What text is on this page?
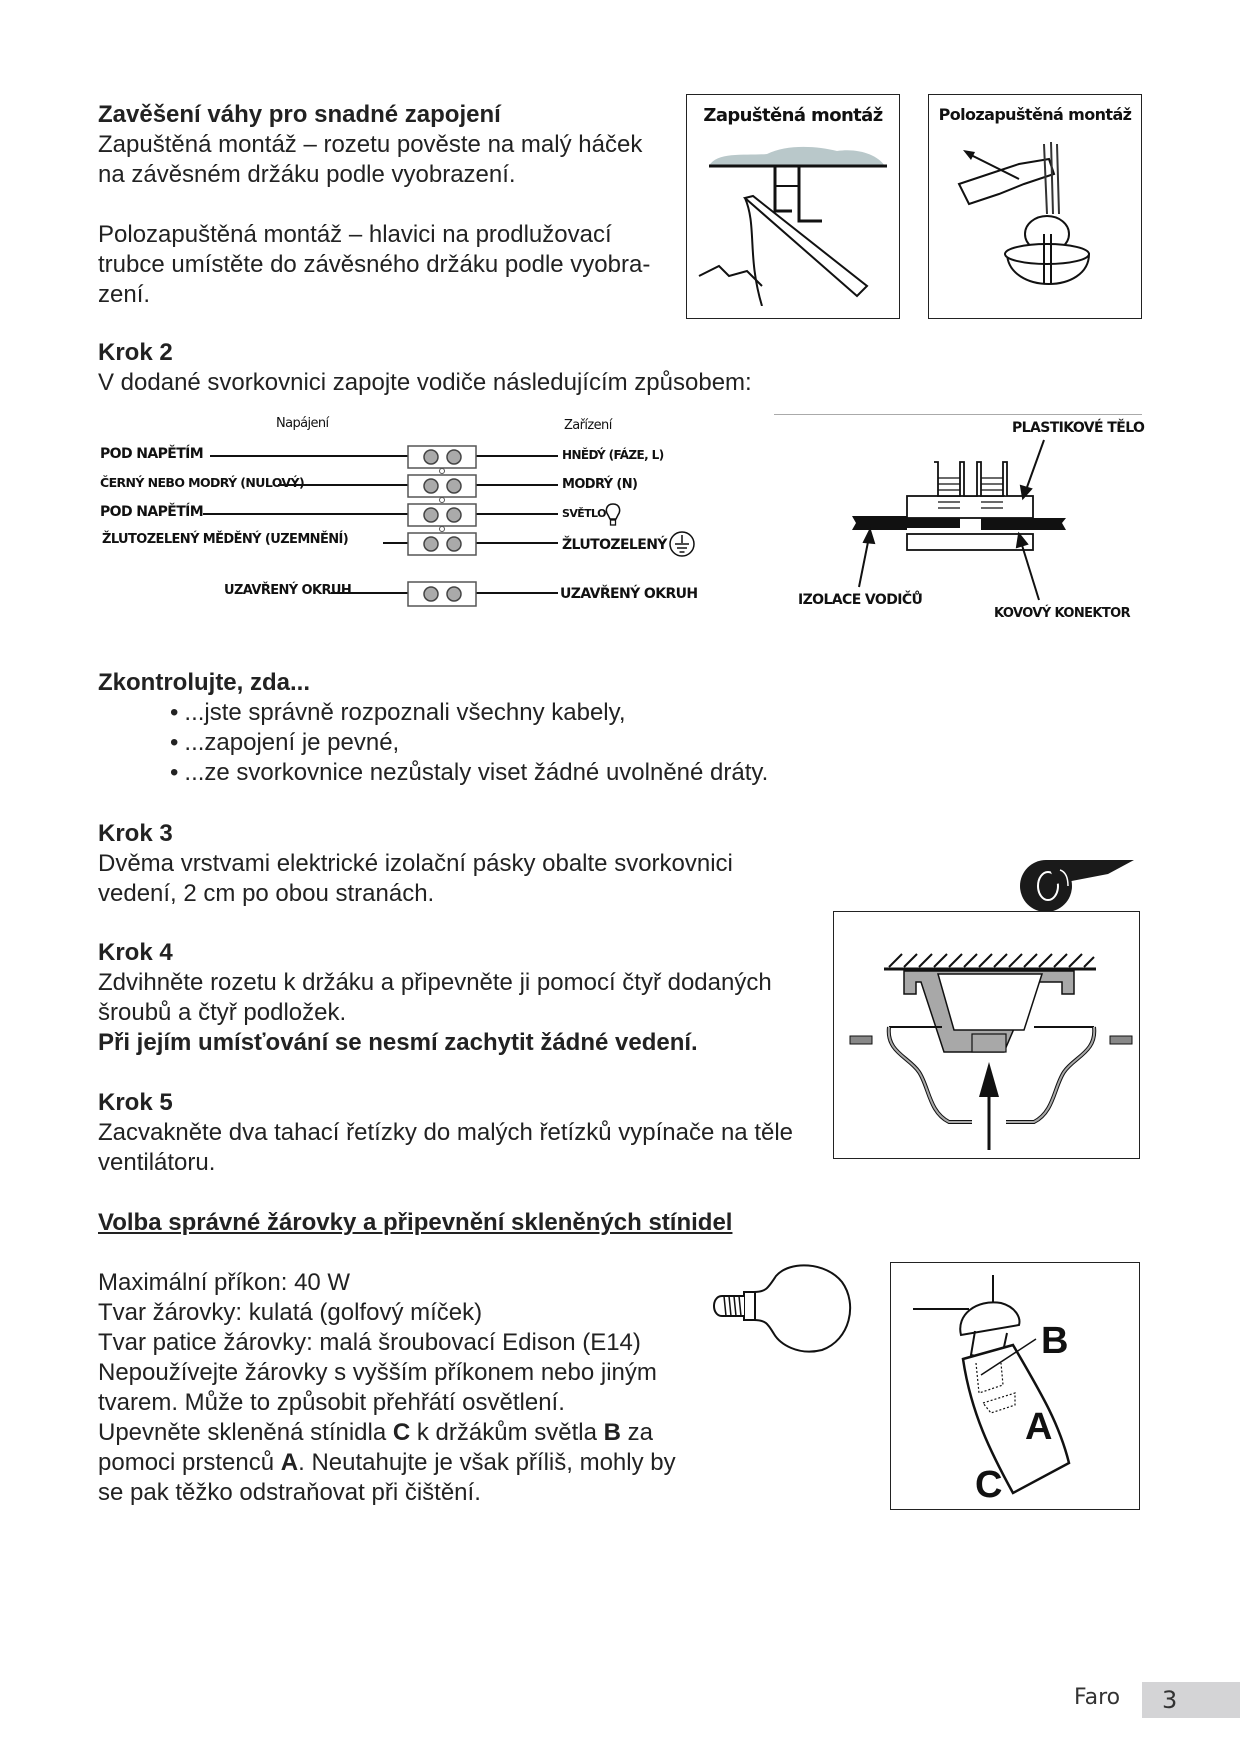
Zavěšení váhy pro snadné zapojení

Zapuštěná montáž – rozetu pověste na malý háček

na závěsném držáku podle vyobrazení.

Polozapuštěná montáž – hlavici na prodlužovací

trubce umístěte do závěsného držáku podle vyobra-

zení.

Zapuštěná montáž	Polozapuštěná montáž

Krok 2

V dodané svorkovnici zapojte vodiče následujícím způsobem:

Napájení	Zařízení
POD NAPĚTÍM
ČERNÝ NEBO MODRÝ (NULOVÝ)
POD NAPĚTÍM
ŽLUTOZELENÝ MĚDĚNÝ (UZEMNĚNÍ)
HNĚDÝ (FÁZE, L)
MODRÝ (N)
SVĚTLO
ŽLUTOZELENÝ
UZAVŘENÝ OKRUH	UZAVŘENÝ OKRUH
PLASTIKOVÉ TĚLO
IZOLACE VODIČŮ
KOVOVÝ KONEKTOR

Zkontrolujte, zda...

• ...jste správně rozpoznali všechny kabely,
• ...zapojení je pevné,
• ...ze svorkovnice nezůstaly viset žádné uvolněné dráty.

Krok 3

Dvěma vrstvami elektrické izolační pásky obalte svorkovnici

vedení, 2 cm po obou stranách.

Krok 4

Zdvihněte rozetu k držáku a připevněte ji pomocí čtyř dodaných

šroubů a čtyř podložek.

Při jejím umísťování se nesmí zachytit žádné vedení.

Krok 5

Zacvakněte dva tahací řetízky do malých řetízků vypínače na těle

ventilátoru.

Volba správné žárovky a připevnění skleněných stínidel

Maximální příkon: 40 W

Tvar žárovky: kulatá (golfový míček)

Tvar patice žárovky: malá šroubovací Edison (E14)

Nepoužívejte žárovky s vyšším příkonem nebo jiným

tvarem. Může to způsobit přehřátí osvětlení.

Upevněte skleněná stínidla C k držákům světla B za

pomoci prstenců A. Neutahujte je však příliš, mohly by

se pak těžko odstraňovat při čištění.

B
A
C
Faro	3
